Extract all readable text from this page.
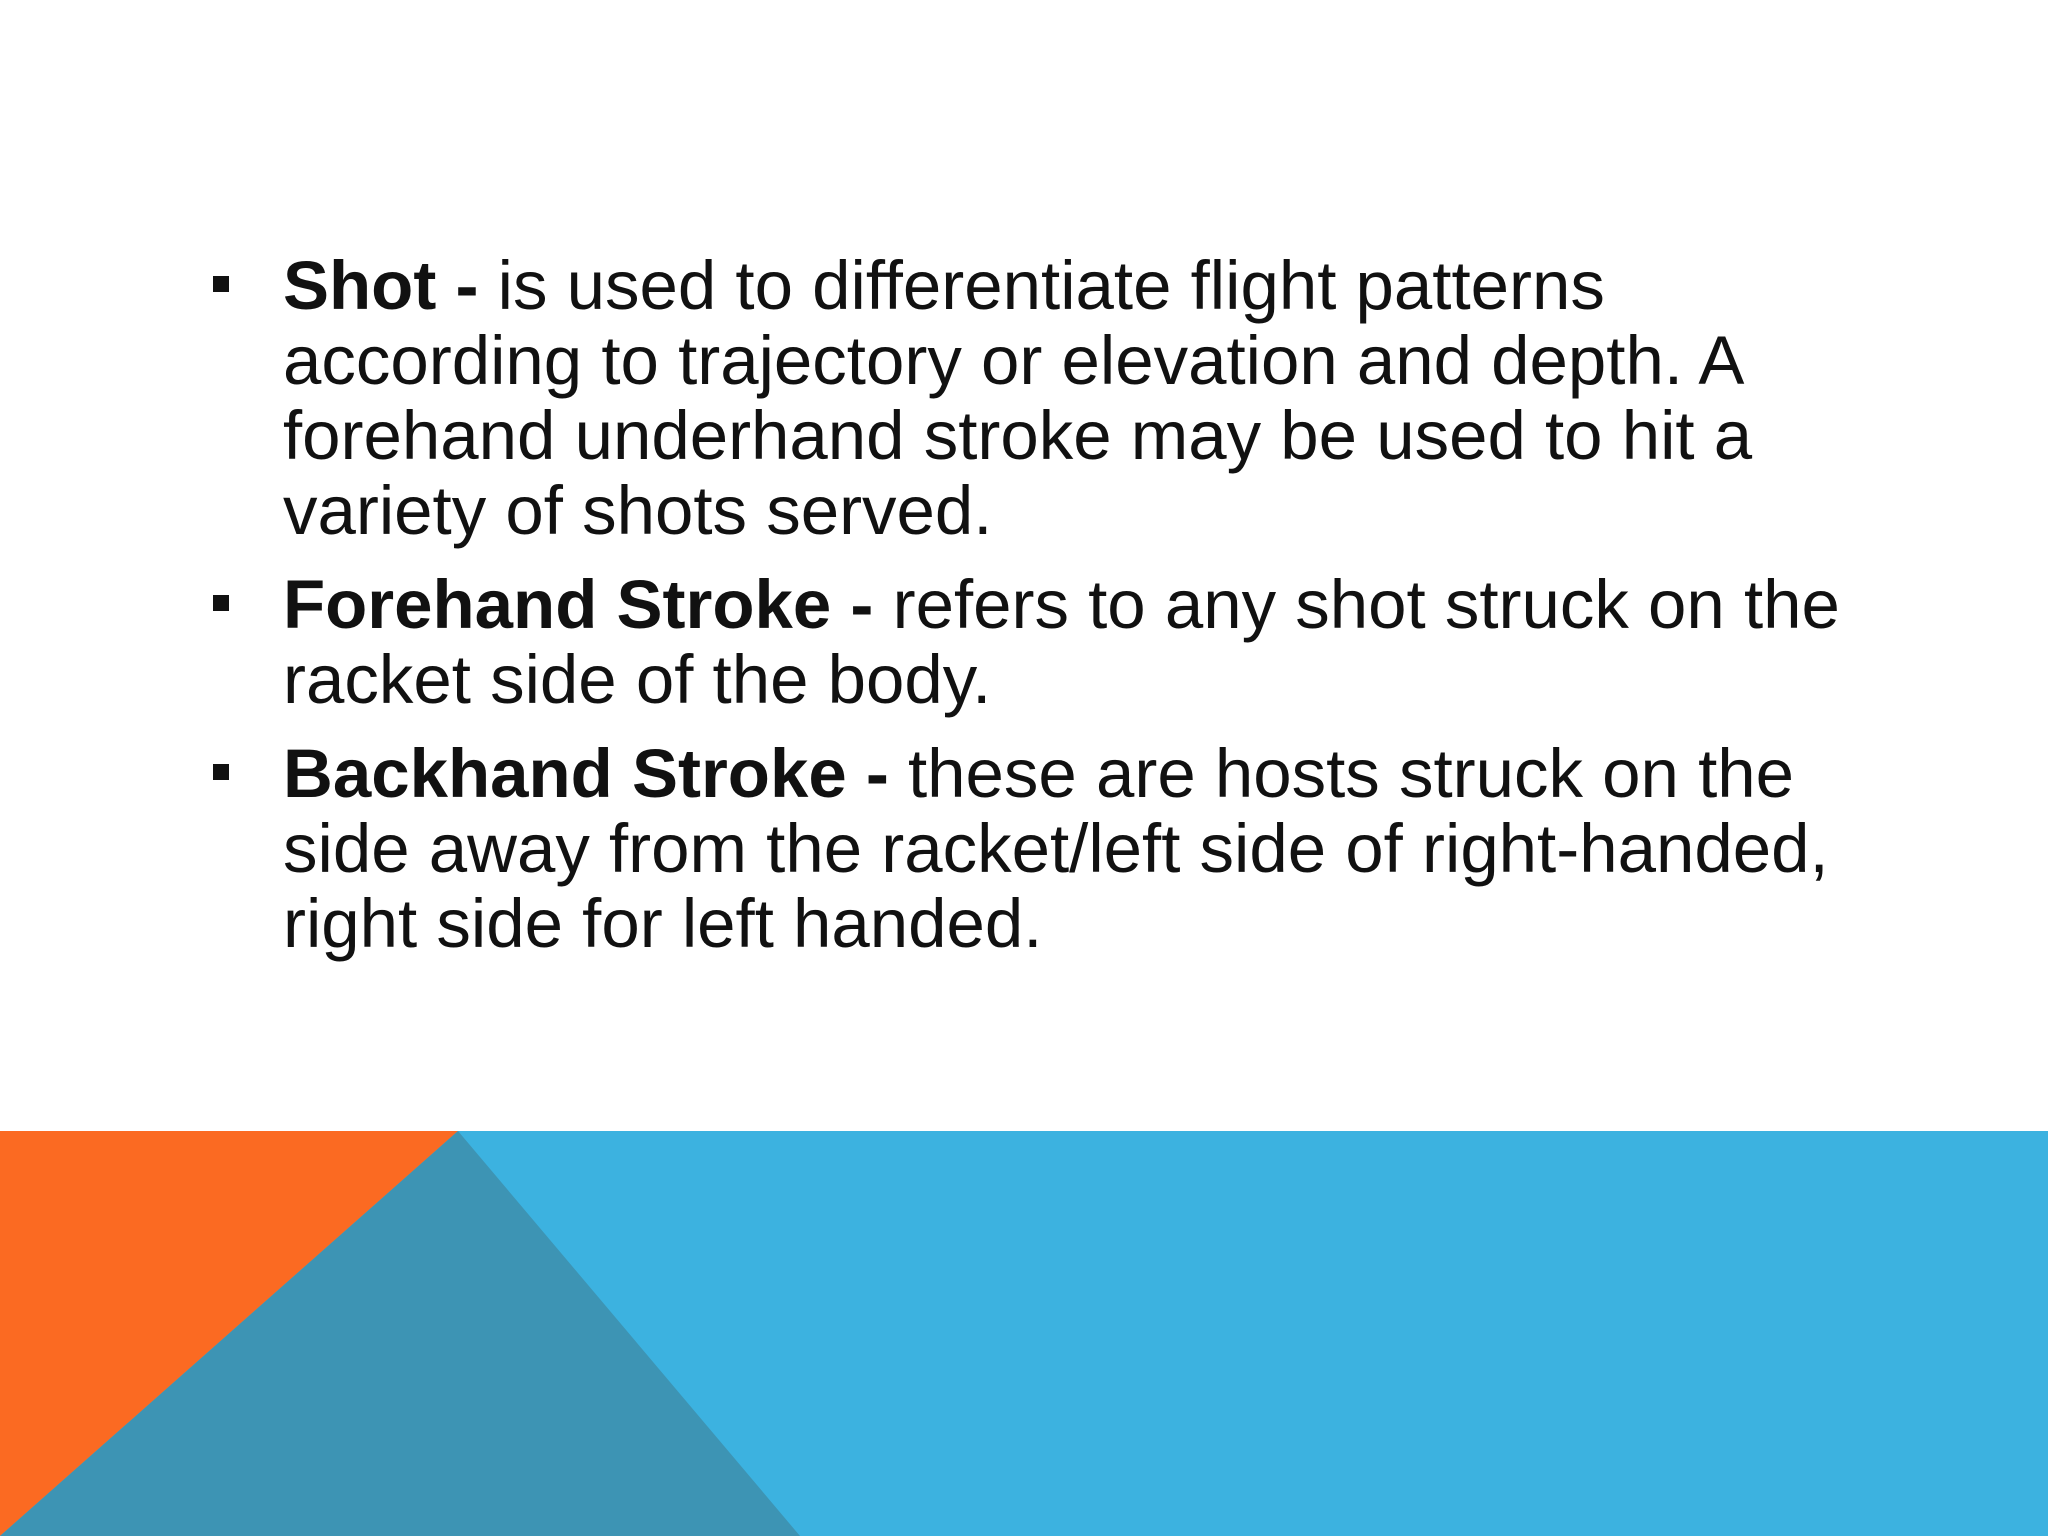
Shot - is used to differentiate flight patterns according to trajectory or elevation and depth. A forehand underhand stroke may be used to hit a variety of shots served.
Forehand Stroke - refers to any shot struck on the racket side of the body.
Backhand Stroke - these are hosts struck on the side away from the racket/left side of right-handed, right side for left handed.
